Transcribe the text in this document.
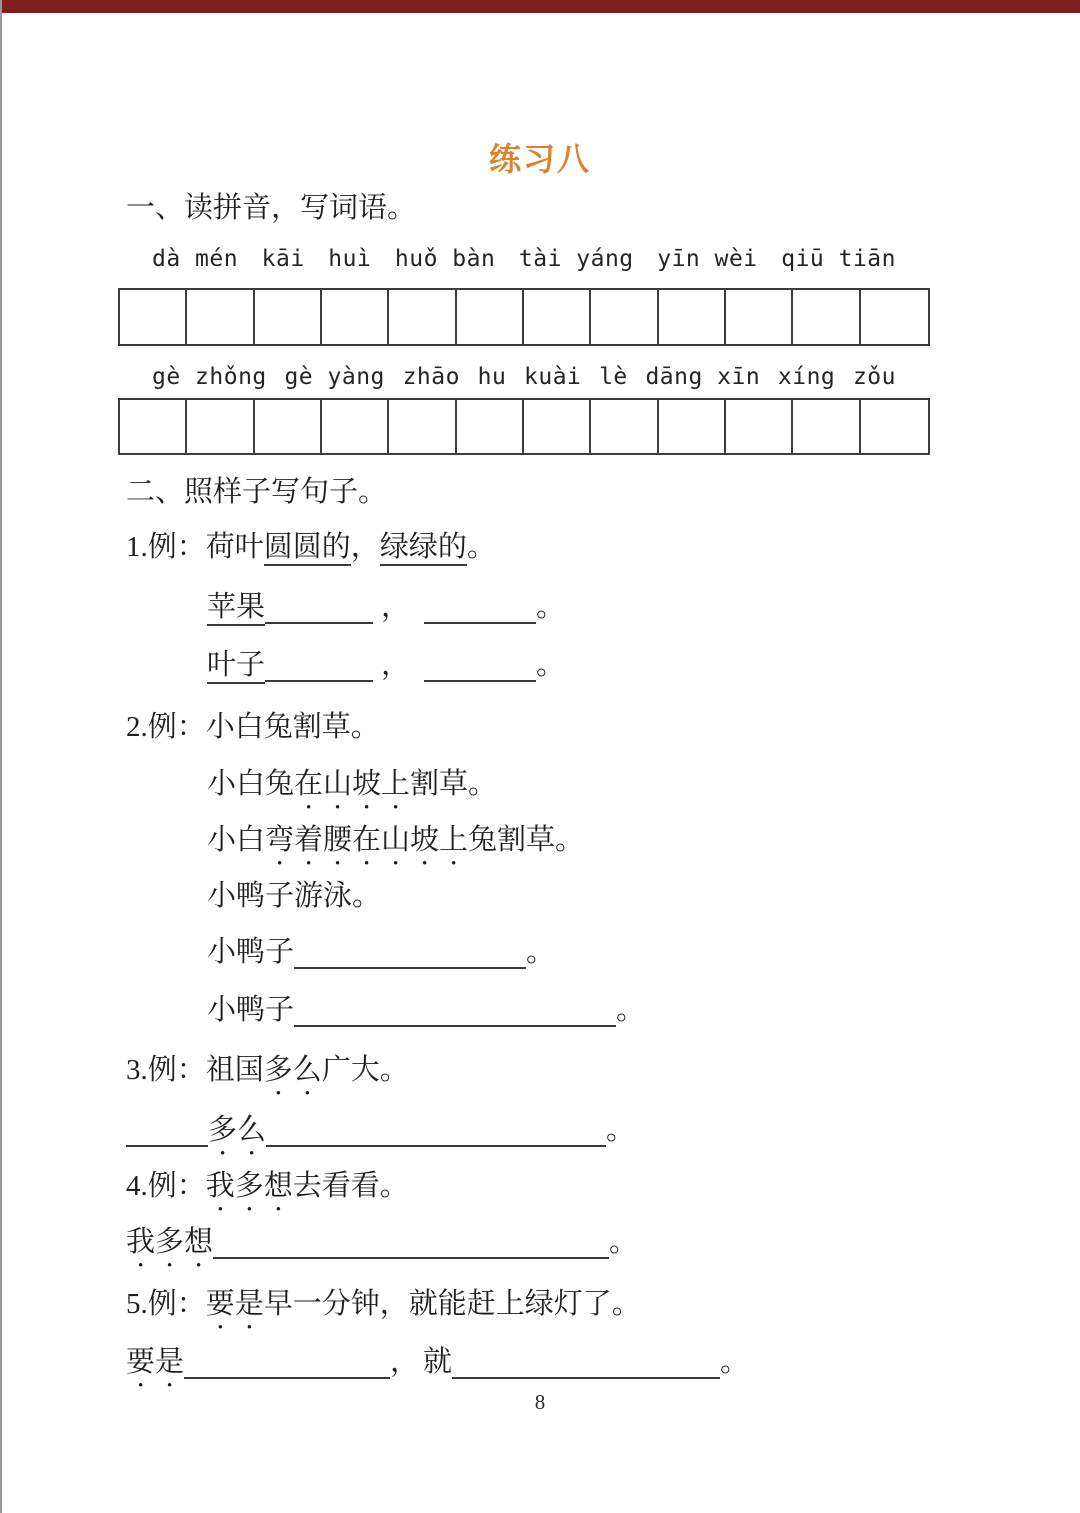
练习八
一、读拼音，写词语。
dà mén kāi huì huǒ bàn tài yáng yīn wèi qiū tiān
gè zhǒng gè yàng zhāo hu kuài lè dāng xīn xíng zǒu
二、照样子写句子。
1.例：荷叶圆圆的，绿绿的。
苹果	，	。
叶子	，	。
2.例：小白兔割草。
小白兔在山坡上割草。
小白弯着腰在山坡上兔割草。
小鸭子游泳。
小鸭子	。
小鸭子	。
3.例：祖国多么广大。
多么	。
4.例：我多想去看看。
我多想	。
5.例：要是早一分钟，就能赶上绿灯了。
要是	， 就	。
8
